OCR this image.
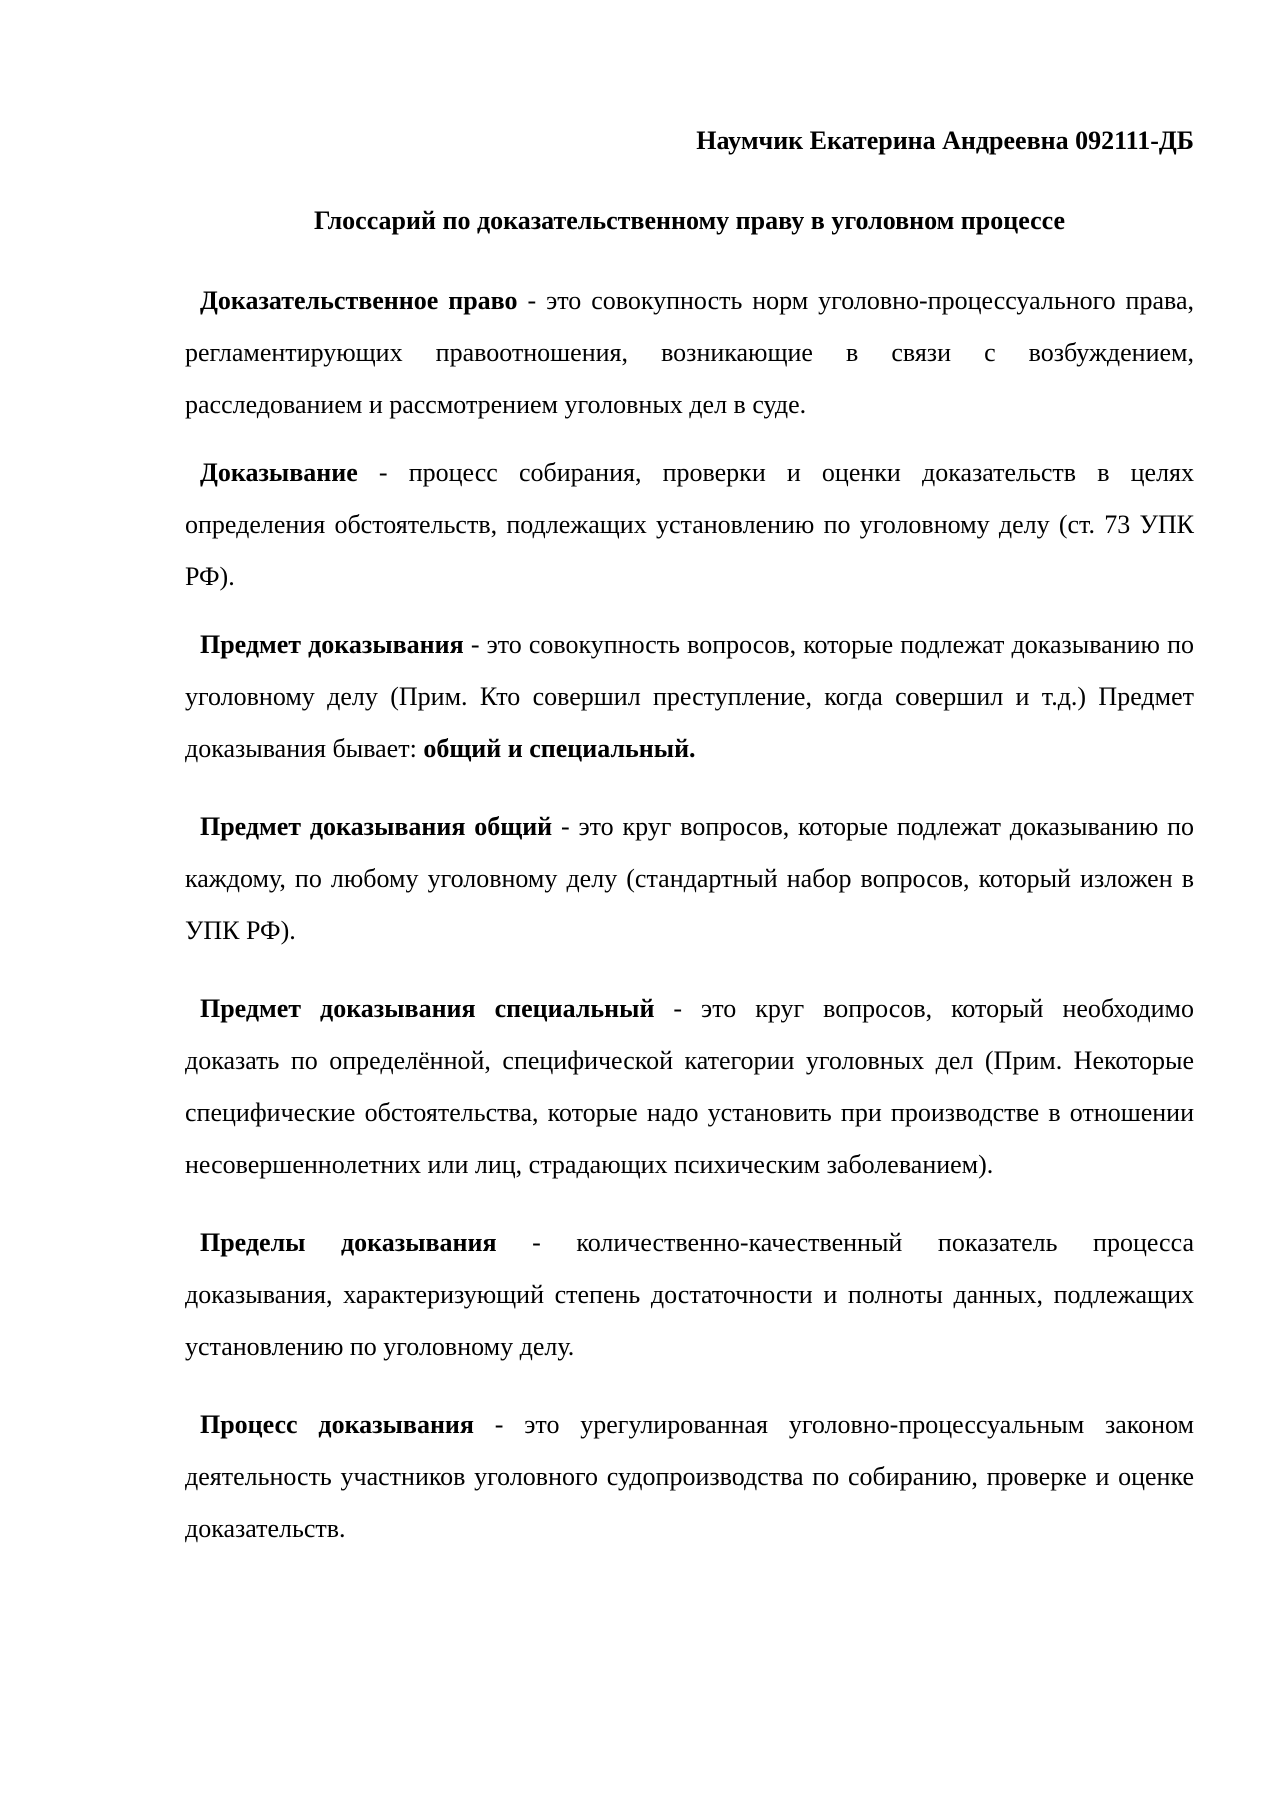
Наумчик Екатерина Андреевна 092111-ДБ

Глоссарий по доказательственному праву в уголовном процессе

Доказательственное право - это совокупность норм уголовно-процессуального права, регламентирующих правоотношения, возникающие в связи с возбуждением, расследованием и рассмотрением уголовных дел в суде.

Доказывание - процесс собирания, проверки и оценки доказательств в целях определения обстоятельств, подлежащих установлению по уголовному делу (ст. 73 УПК РФ).

Предмет доказывания - это совокупность вопросов, которые подлежат доказыванию по уголовному делу (Прим. Кто совершил преступление, когда совершил и т.д.) Предмет доказывания бывает: общий и специальный.

Предмет доказывания общий - это круг вопросов, которые подлежат доказыванию по каждому, по любому уголовному делу (стандартный набор вопросов, который изложен в УПК РФ).

Предмет доказывания специальный - это круг вопросов, который необходимо доказать по определённой, специфической категории уголовных дел (Прим. Некоторые специфические обстоятельства, которые надо установить при производстве в отношении несовершеннолетних или лиц, страдающих психическим заболеванием).

Пределы доказывания - количественно-качественный показатель процесса доказывания, характеризующий степень достаточности и полноты данных, подлежащих установлению по уголовному делу.

Процесс доказывания - это урегулированная уголовно-процессуальным законом деятельность участников уголовного судопроизводства по собиранию, проверке и оценке доказательств.
